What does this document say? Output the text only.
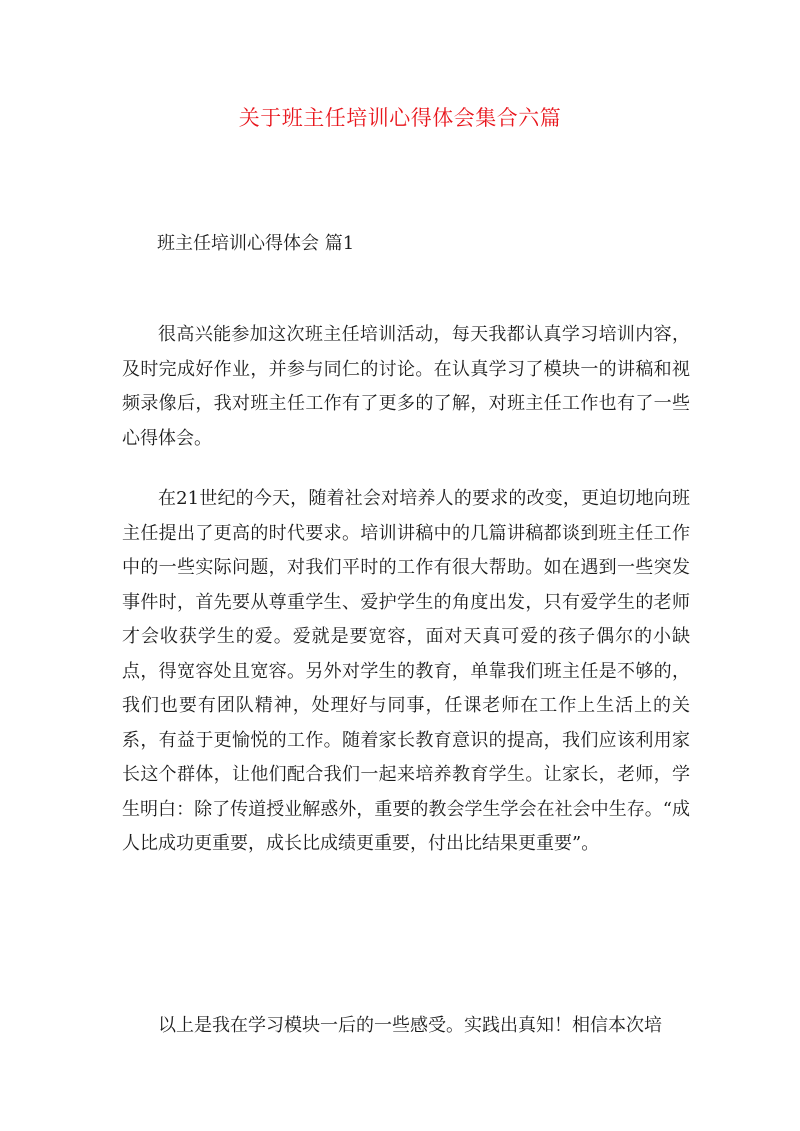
关于班主任培训心得体会集合六篇
班主任培训心得体会 篇1

很高兴能参加这次班主任培训活动，每天我都认真学习培训内容，及时完成好作业，并参与同仁的讨论。在认真学习了模块一的讲稿和视频录像后，我对班主任工作有了更多的了解，对班主任工作也有了一些心得体会。

在21世纪的今天，随着社会对培养人的要求的改变，更迫切地向班主任提出了更高的时代要求。培训讲稿中的几篇讲稿都谈到班主任工作中的一些实际问题，对我们平时的工作有很大帮助。如在遇到一些突发事件时，首先要从尊重学生、爱护学生的角度出发，只有爱学生的老师才会收获学生的爱。爱就是要宽容，面对天真可爱的孩子偶尔的小缺点，得宽容处且宽容。另外对学生的教育，单靠我们班主任是不够的，我们也要有团队精神，处理好与同事，任课老师在工作上生活上的关系，有益于更愉悦的工作。随着家长教育意识的提高，我们应该利用家长这个群体，让他们配合我们一起来培养教育学生。让家长，老师，学生明白：除了传道授业解惑外，重要的教会学生学会在社会中生存。“成人比成功更重要，成长比成绩更重要，付出比结果更重要”。

以上是我在学习模块一后的一些感受。实践出真知！相信本次培
